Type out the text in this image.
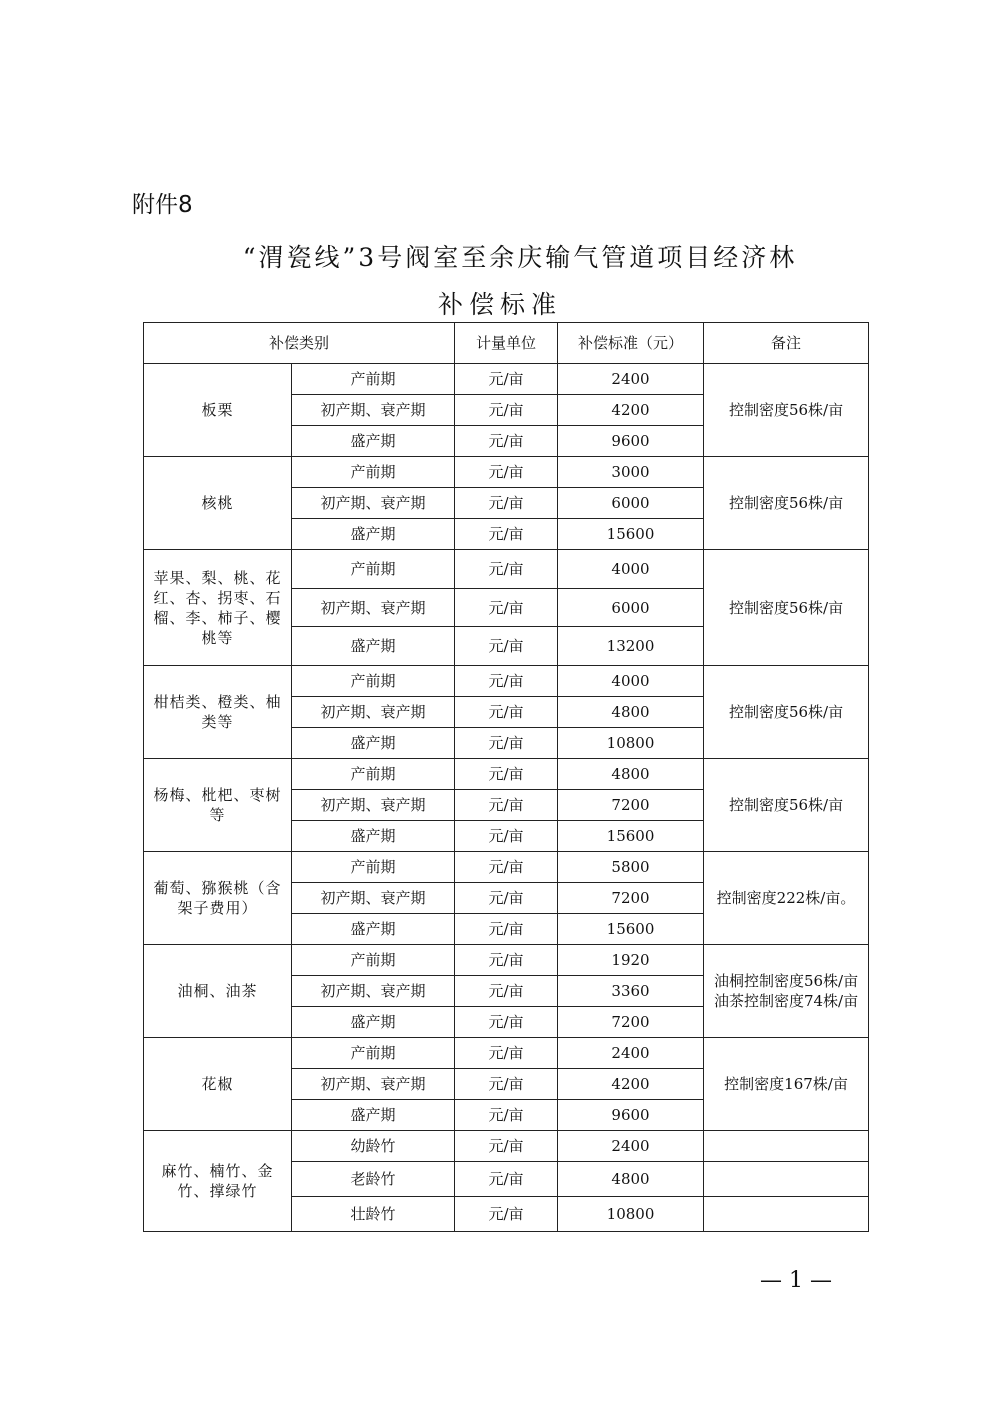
附件8
“渭瓷线”3号阀室至余庆输气管道项目经济林
补偿标准
补偿类别		计量单位	补偿标准（元）	备注
板栗	产前期	元/亩	2400	控制密度56株/亩
	初产期、衰产期	元/亩	4200	
	盛产期	元/亩	9600	
核桃	产前期	元/亩	3000	控制密度56株/亩
	初产期、衰产期	元/亩	6000	
	盛产期	元/亩	15600	
苹果、梨、桃、花红、杏、拐枣、石榴、李、柿子、樱桃等	产前期	元/亩	4000	控制密度56株/亩
	初产期、衰产期	元/亩	6000	
	盛产期	元/亩	13200	
柑桔类、橙类、柚类等	产前期	元/亩	4000	控制密度56株/亩
	初产期、衰产期	元/亩	4800	
	盛产期	元/亩	10800	
杨梅、枇杷、枣树等	产前期	元/亩	4800	控制密度56株/亩
	初产期、衰产期	元/亩	7200	
	盛产期	元/亩	15600	
葡萄、猕猴桃（含架子费用）	产前期	元/亩	5800	控制密度222株/亩。
	初产期、衰产期	元/亩	7200	
	盛产期	元/亩	15600	
油桐、油茶	产前期	元/亩	1920	油桐控制密度56株/亩 油茶控制密度74株/亩
	初产期、衰产期	元/亩	3360	
	盛产期	元/亩	7200	
花椒	产前期	元/亩	2400	控制密度167株/亩
	初产期、衰产期	元/亩	4200	
	盛产期	元/亩	9600	
麻竹、楠竹、金竹、撑绿竹	幼龄竹	元/亩	2400	
	老龄竹	元/亩	4800	
	壮龄竹	元/亩	10800	
— 1 —
